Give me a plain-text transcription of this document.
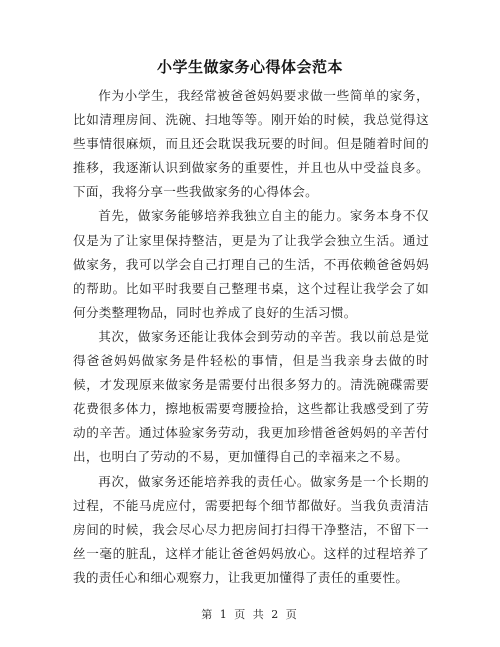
小学生做家务心得体会范本

作为小学生，我经常被爸爸妈妈要求做一些简单的家务，比如清理房间、洗碗、扫地等等。刚开始的时候，我总觉得这些事情很麻烦，而且还会耽误我玩要的时间。但是随着时间的推移，我逐渐认识到做家务的重要性，并且也从中受益良多。下面，我将分享一些我做家务的心得体会。

首先，做家务能够培养我独立自主的能力。家务本身不仅仅是为了让家里保持整洁，更是为了让我学会独立生活。通过做家务，我可以学会自己打理自己的生活，不再依赖爸爸妈妈的帮助。比如平时我要自己整理书桌，这个过程让我学会了如何分类整理物品，同时也养成了良好的生活习惯。

其次，做家务还能让我体会到劳动的辛苦。我以前总是觉得爸爸妈妈做家务是件轻松的事情，但是当我亲身去做的时候，才发现原来做家务是需要付出很多努力的。清洗碗碟需要花费很多体力，擦地板需要弯腰捡拾，这些都让我感受到了劳动的辛苦。通过体验家务劳动，我更加珍惜爸爸妈妈的辛苦付出，也明白了劳动的不易，更加懂得自己的幸福来之不易。

再次，做家务还能培养我的责任心。做家务是一个长期的过程，不能马虎应付，需要把每个细节都做好。当我负责清洁房间的时候，我会尽心尽力把房间打扫得干净整洁，不留下一丝一毫的脏乱，这样才能让爸爸妈妈放心。这样的过程培养了我的责任心和细心观察力，让我更加懂得了责任的重要性。

第 1 页 共 2 页
